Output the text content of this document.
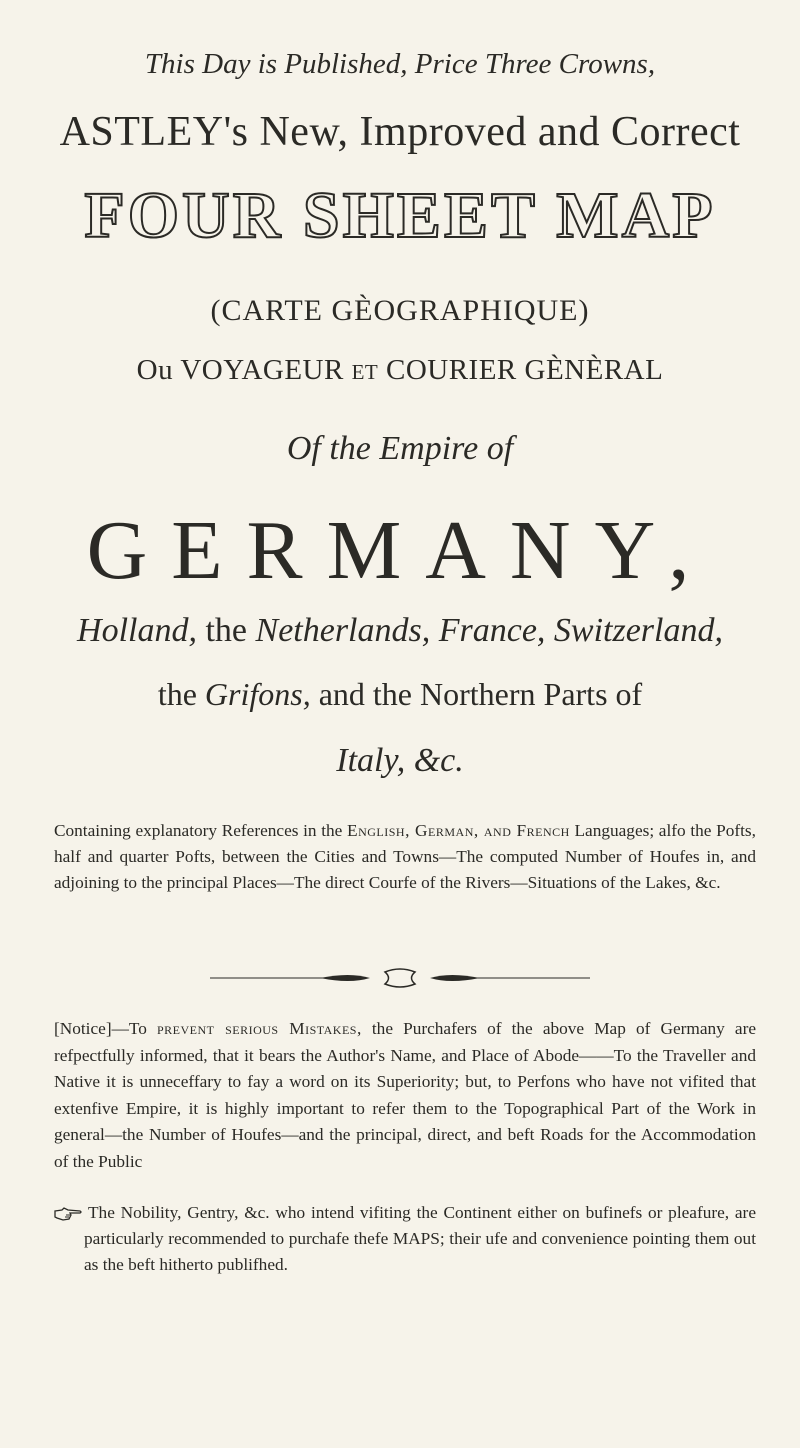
This Day is Published, Price Three Crowns,
ASTLEY's New, Improved and Correct
FOUR SHEET MAP
(CARTE GÈOGRAPHIQUE)
Ou VOYAGEUR ET COURIER GÈNÈRAL
Of the Empire of
GERMANY,
Holland, the Netherlands, France, Switzerland,
the Grifons, and the Northern Parts of
Italy, &c.
Containing explanatory References in the English, German, and French Languages; alfo the Pofts, half and quarter Pofts, between the Cities and Towns—The computed Number of Houfes in, and adjoining to the principal Places—The direct Courfe of the Rivers—Situations of the Lakes, &c.
[Notice]—To prevent serious Mistakes, the Purchafers of the above Map of Germany are refpectfully informed, that it bears the Author's Name, and Place of Abode——To the Traveller and Native it is unneceffary to fay a word on its Superiority; but, to Perfons who have not vifited that extenfive Empire, it is highly important to refer them to the Topographical Part of the Work in general—the Number of Houfes—and the principal, direct, and beft Roads for the Accommodation of the Public
The Nobility, Gentry, &c. who intend vifiting the Continent either on bufinefs or pleafure, are particularly recommended to purchafe thefe MAPS; their ufe and convenience pointing them out as the beft hitherto publifhed.
